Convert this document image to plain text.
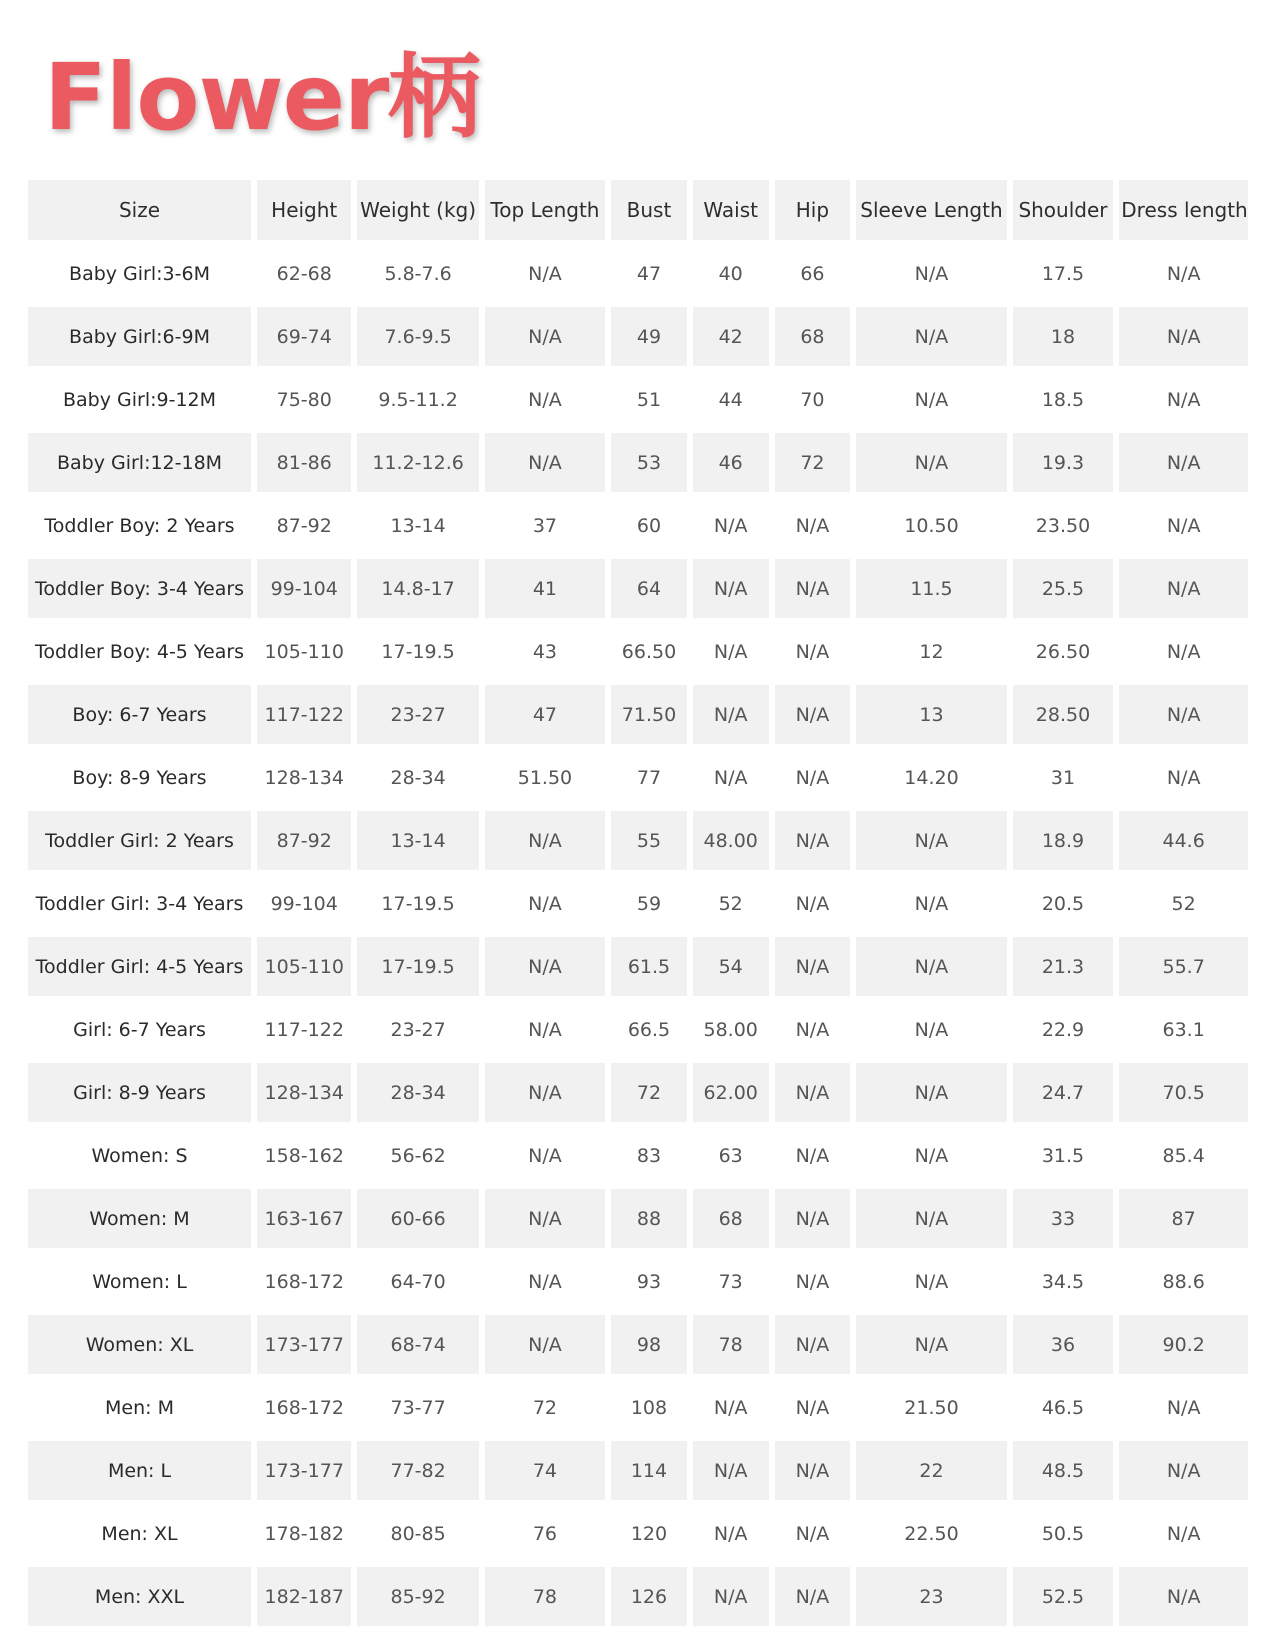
Flower柄
Size	Height	Weight (kg)	Top Length	Bust	Waist	Hip	Sleeve Length	Shoulder	Dress length
Baby Girl:3-6M	62-68	5.8-7.6	N/A	47	40	66	N/A	17.5	N/A
Baby Girl:6-9M	69-74	7.6-9.5	N/A	49	42	68	N/A	18	N/A
Baby Girl:9-12M	75-80	9.5-11.2	N/A	51	44	70	N/A	18.5	N/A
Baby Girl:12-18M	81-86	11.2-12.6	N/A	53	46	72	N/A	19.3	N/A
Toddler Boy: 2 Years	87-92	13-14	37	60	N/A	N/A	10.50	23.50	N/A
Toddler Boy: 3-4 Years	99-104	14.8-17	41	64	N/A	N/A	11.5	25.5	N/A
Toddler Boy: 4-5 Years	105-110	17-19.5	43	66.50	N/A	N/A	12	26.50	N/A
Boy: 6-7 Years	117-122	23-27	47	71.50	N/A	N/A	13	28.50	N/A
Boy: 8-9 Years	128-134	28-34	51.50	77	N/A	N/A	14.20	31	N/A
Toddler Girl: 2 Years	87-92	13-14	N/A	55	48.00	N/A	N/A	18.9	44.6
Toddler Girl: 3-4 Years	99-104	17-19.5	N/A	59	52	N/A	N/A	20.5	52
Toddler Girl: 4-5 Years	105-110	17-19.5	N/A	61.5	54	N/A	N/A	21.3	55.7
Girl: 6-7 Years	117-122	23-27	N/A	66.5	58.00	N/A	N/A	22.9	63.1
Girl: 8-9 Years	128-134	28-34	N/A	72	62.00	N/A	N/A	24.7	70.5
Women: S	158-162	56-62	N/A	83	63	N/A	N/A	31.5	85.4
Women: M	163-167	60-66	N/A	88	68	N/A	N/A	33	87
Women: L	168-172	64-70	N/A	93	73	N/A	N/A	34.5	88.6
Women: XL	173-177	68-74	N/A	98	78	N/A	N/A	36	90.2
Men: M	168-172	73-77	72	108	N/A	N/A	21.50	46.5	N/A
Men: L	173-177	77-82	74	114	N/A	N/A	22	48.5	N/A
Men: XL	178-182	80-85	76	120	N/A	N/A	22.50	50.5	N/A
Men: XXL	182-187	85-92	78	126	N/A	N/A	23	52.5	N/A
